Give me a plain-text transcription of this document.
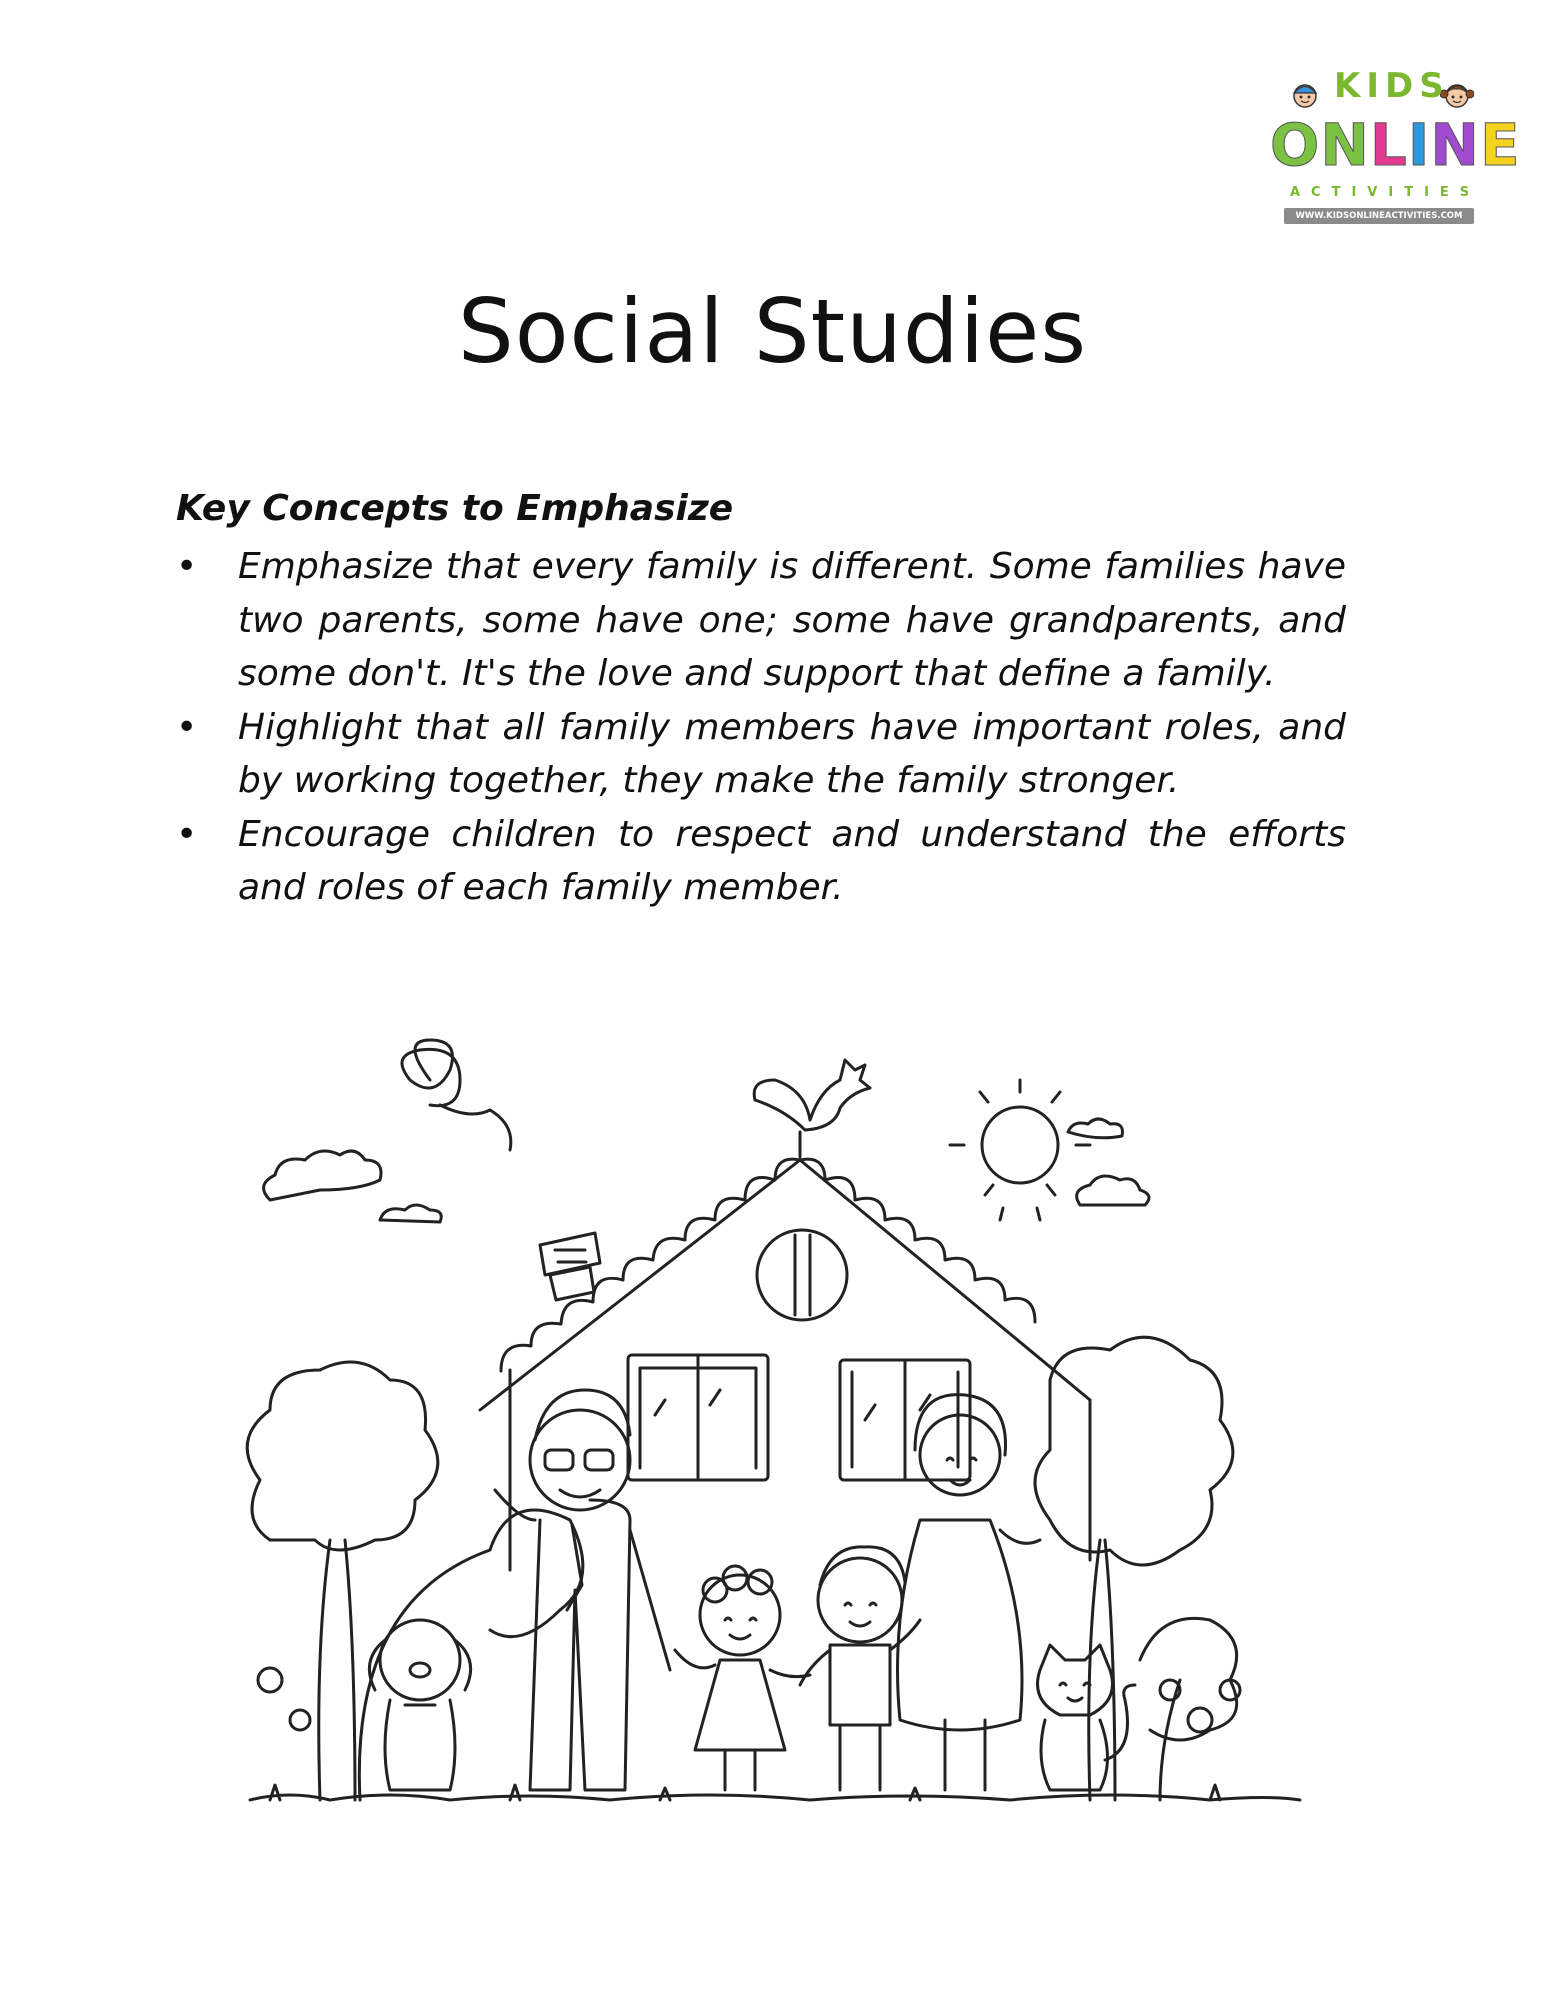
KIDS
ONLINE
ACTIVITIES
WWW.KIDSONLINEACTIVITIES.COM
Social Studies
Key Concepts to Emphasize
• Emphasize that every family is different. Some families have two parents, some have one; some have grandparents, and some don't. It's the love and support that define a family.
• Highlight that all family members have important roles, and by working together, they make the family stronger.
• Encourage children to respect and understand the efforts and roles of each family member.
